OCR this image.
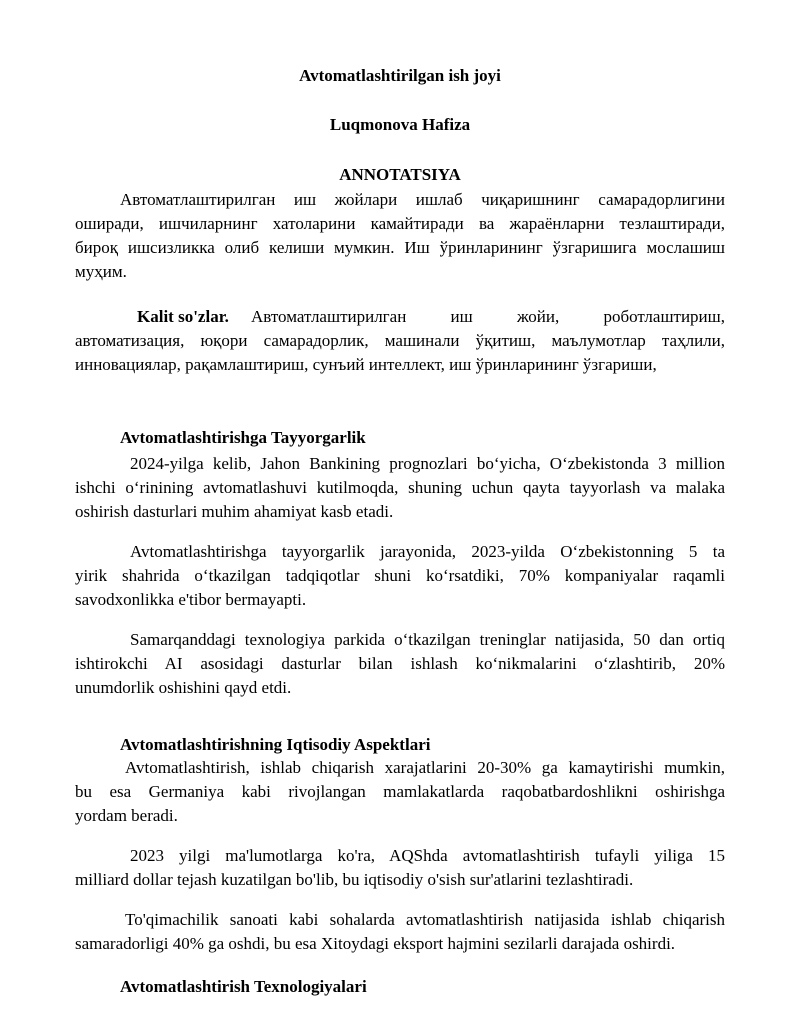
Avtomatlashtirilgan ish joyi
Luqmonova Hafiza
ANNOTATSIYA
Автоматлаштирилган иш жойлари ишлаб чиқаришнинг самарадорлигини
оширади, ишчиларнинг хатоларини камайтиради ва жараёнларни тезлаштиради,
бироқ ишсизликка олиб келиши мумкин. Иш ўринларининг ўзгаришига мослашиш
муҳим.
Kalit so'zlar. Автоматлаштирилган иш жойи, роботлаштириш,
автоматизация, юқори самарадорлик, машинали ўқитиш, маълумотлар таҳлили,
инновациялар, рақамлаштириш, сунъий интеллект, иш ўринларининг ўзгариши,
Avtomatlashtirishga Tayyorgarlik
2024-yilga kelib, Jahon Bankining prognozlari boʻyicha, Oʻzbekistonda 3 million
ishchi oʻrinining avtomatlashuvi kutilmoqda, shuning uchun qayta tayyorlash va malaka
oshirish dasturlari muhim ahamiyat kasb etadi.
Avtomatlashtirishga tayyorgarlik jarayonida, 2023-yilda Oʻzbekistonning 5 ta
yirik shahrida oʻtkazilgan tadqiqotlar shuni koʻrsatdiki, 70% kompaniyalar raqamli
savodxonlikka e'tibor bermayapti.
Samarqanddagi texnologiya parkida oʻtkazilgan treninglar natijasida, 50 dan ortiq
ishtirokchi AI asosidagi dasturlar bilan ishlash koʻnikmalarini oʻzlashtirib, 20%
unumdorlik oshishini qayd etdi.
Avtomatlashtirishning Iqtisodiy Aspektlari
Avtomatlashtirish, ishlab chiqarish xarajatlarini 20-30% ga kamaytirishi mumkin,
bu esa Germaniya kabi rivojlangan mamlakatlarda raqobatbardoshlikni oshirishga
yordam beradi.
2023 yilgi ma'lumotlarga ko'ra, AQShda avtomatlashtirish tufayli yiliga 15
milliard dollar tejash kuzatilgan bo'lib, bu iqtisodiy o'sish sur'atlarini tezlashtiradi.
To'qimachilik sanoati kabi sohalarda avtomatlashtirish natijasida ishlab chiqarish
samaradorligi 40% ga oshdi, bu esa Xitoydagi eksport hajmini sezilarli darajada oshirdi.
Avtomatlashtirish Texnologiyalari
